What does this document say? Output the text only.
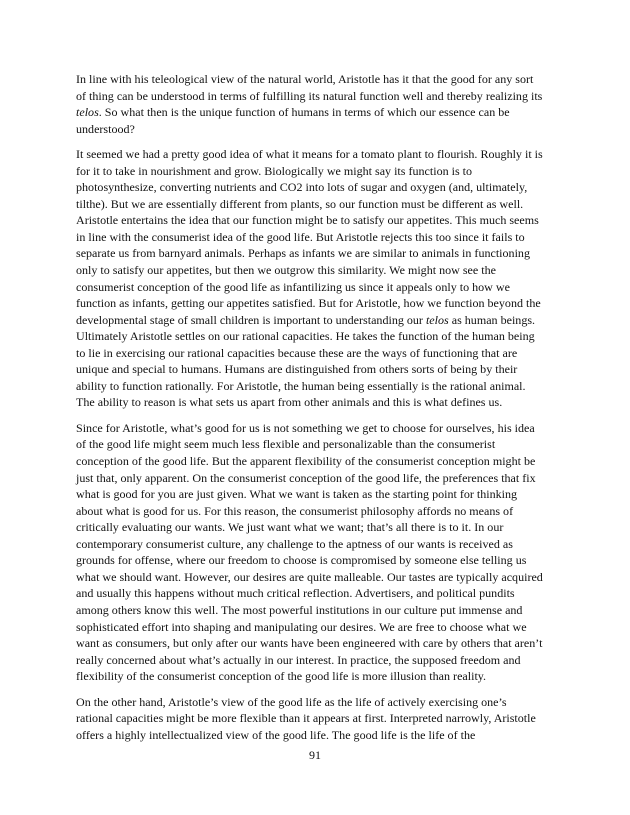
In line with his teleological view of the natural world, Aristotle has it that the good for any sort
of thing can be understood in terms of fulfilling its natural function well and thereby realizing its
telos. So what then is the unique function of humans in terms of which our essence can be
understood?

It seemed we had a pretty good idea of what it means for a tomato plant to flourish. Roughly it is
for it to take in nourishment and grow. Biologically we might say its function is to
photosynthesize, converting nutrients and CO2 into lots of sugar and oxygen (and, ultimately,
tilthe). But we are essentially different from plants, so our function must be different as well.
Aristotle entertains the idea that our function might be to satisfy our appetites. This much seems
in line with the consumerist idea of the good life. But Aristotle rejects this too since it fails to
separate us from barnyard animals. Perhaps as infants we are similar to animals in functioning
only to satisfy our appetites, but then we outgrow this similarity. We might now see the
consumerist conception of the good life as infantilizing us since it appeals only to how we
function as infants, getting our appetites satisfied. But for Aristotle, how we function beyond the
developmental stage of small children is important to understanding our telos as human beings.
Ultimately Aristotle settles on our rational capacities. He takes the function of the human being
to lie in exercising our rational capacities because these are the ways of functioning that are
unique and special to humans. Humans are distinguished from others sorts of being by their
ability to function rationally. For Aristotle, the human being essentially is the rational animal.
The ability to reason is what sets us apart from other animals and this is what defines us.

Since for Aristotle, what’s good for us is not something we get to choose for ourselves, his idea
of the good life might seem much less flexible and personalizable than the consumerist
conception of the good life. But the apparent flexibility of the consumerist conception might be
just that, only apparent. On the consumerist conception of the good life, the preferences that fix
what is good for you are just given. What we want is taken as the starting point for thinking
about what is good for us. For this reason, the consumerist philosophy affords no means of
critically evaluating our wants. We just want what we want; that’s all there is to it. In our
contemporary consumerist culture, any challenge to the aptness of our wants is received as
grounds for offense, where our freedom to choose is compromised by someone else telling us
what we should want. However, our desires are quite malleable. Our tastes are typically acquired
and usually this happens without much critical reflection. Advertisers, and political pundits
among others know this well. The most powerful institutions in our culture put immense and
sophisticated effort into shaping and manipulating our desires. We are free to choose what we
want as consumers, but only after our wants have been engineered with care by others that aren’t
really concerned about what’s actually in our interest. In practice, the supposed freedom and
flexibility of the consumerist conception of the good life is more illusion than reality.

On the other hand, Aristotle’s view of the good life as the life of actively exercising one’s
rational capacities might be more flexible than it appears at first. Interpreted narrowly, Aristotle
offers a highly intellectualized view of the good life. The good life is the life of the

91
